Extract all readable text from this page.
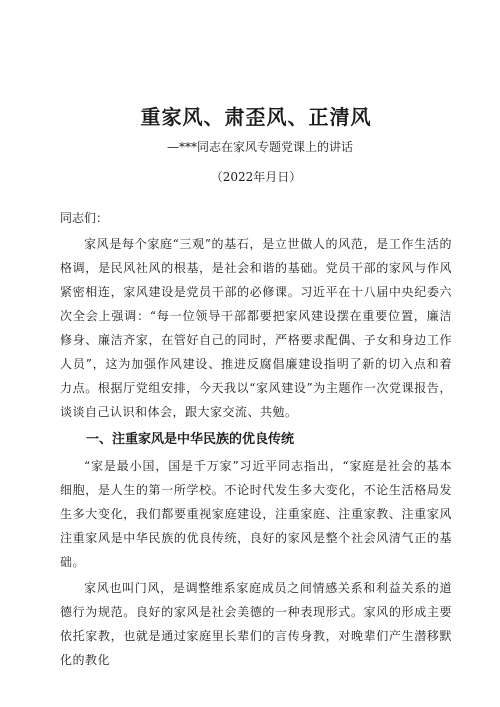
重家风、肃歪风、正清风

—***同志在家风专题党课上的讲话

（2022年月日）

同志们：

家风是每个家庭“三观”的基石，是立世做人的风范，是工作生活的格调，是民风社风的根基，是社会和谐的基础。党员干部的家风与作风紧密相连，家风建设是党员干部的必修课。习近平在十八届中央纪委六次全会上强调：“每一位领导干部都要把家风建设摆在重要位置，廉洁修身、廉洁齐家，在管好自己的同时，严格要求配偶、子女和身边工作人员”，这为加强作风建设、推进反腐倡廉建设指明了新的切入点和着力点。根据厅党组安排，今天我以“家风建设”为主题作一次党课报告，谈谈自己认识和体会，跟大家交流、共勉。

一、注重家风是中华民族的优良传统

“家是最小国，国是千万家”习近平同志指出，“家庭是社会的基本细胞，是人生的第一所学校。不论时代发生多大变化，不论生活格局发生多大变化，我们都要重视家庭建设，注重家庭、注重家教、注重家风注重家风是中华民族的优良传统，良好的家风是整个社会风清气正的基础。

家风也叫门风，是调整维系家庭成员之间情感关系和利益关系的道德行为规范。良好的家风是社会美德的一种表现形式。家风的形成主要依托家教，也就是通过家庭里长辈们的言传身教，对晚辈们产生潜移默化的教化
